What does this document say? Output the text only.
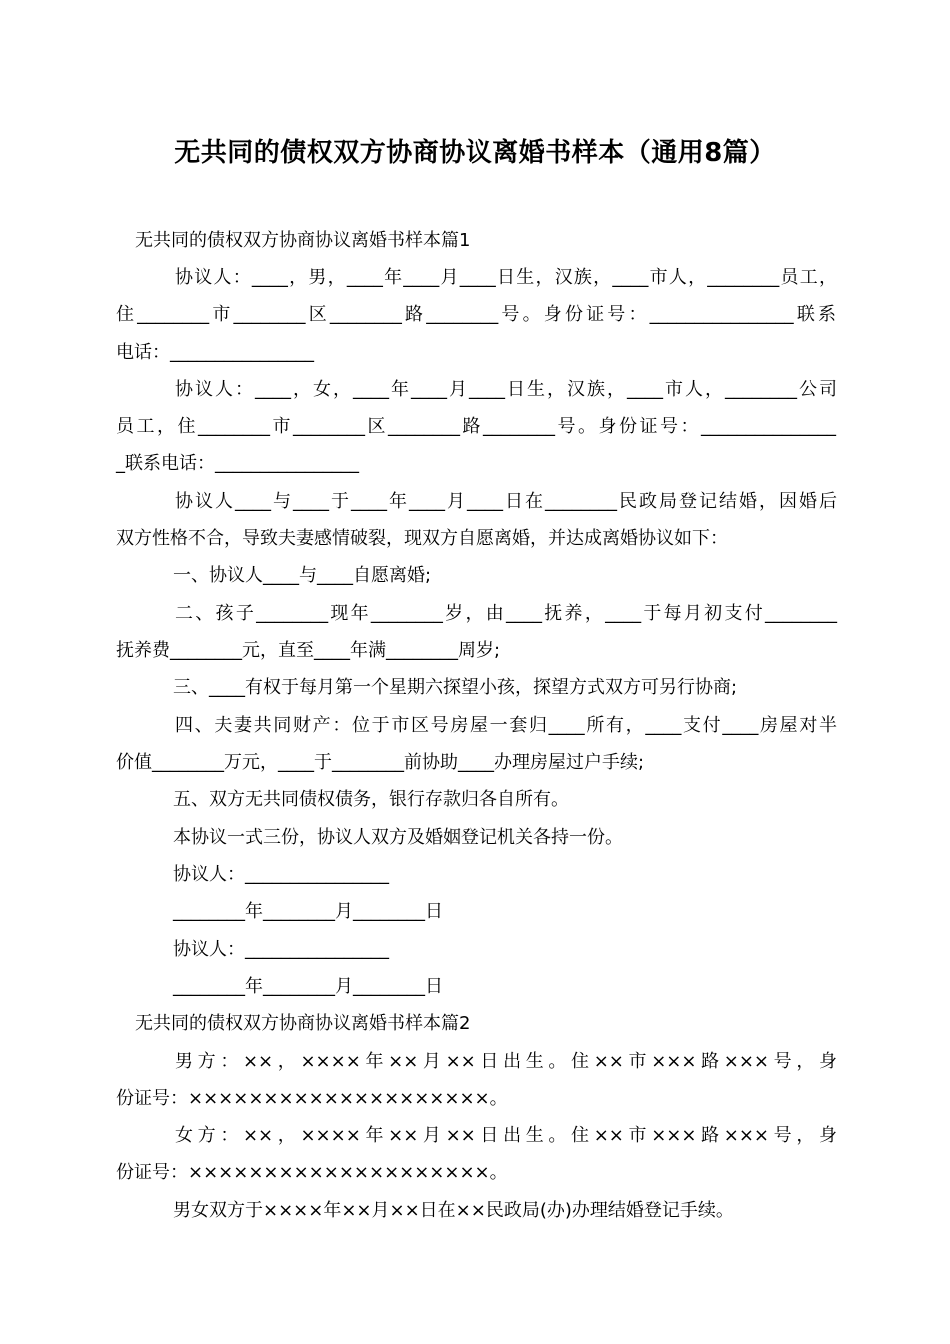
无共同的债权双方协商协议离婚书样本（通用8篇）
无共同的债权双方协商协议离婚书样本篇1
协议人：____，男，____年____月____日生，汉族，____市人，________员工，
住________市________区________路________号。身份证号：________________联系
电话：________________
协议人：____，女，____年____月____日生，汉族，____市人，________公司
员工，住________市________区________路________号。身份证号：_______________
_联系电话：________________
协议人____与____于____年____月____日在________民政局登记结婚，因婚后
双方性格不合，导致夫妻感情破裂，现双方自愿离婚，并达成离婚协议如下：
一、协议人____与____自愿离婚;
二、孩子________现年________岁，由____抚养，____于每月初支付________
抚养费________元，直至____年满________周岁;
三、____有权于每月第一个星期六探望小孩，探望方式双方可另行协商;
四、夫妻共同财产：位于市区号房屋一套归____所有，____支付____房屋对半
价值________万元，____于________前协助____办理房屋过户手续;
五、双方无共同债权债务，银行存款归各自所有。
本协议一式三份，协议人双方及婚姻登记机关各持一份。
协议人：________________
________年________月________日
协议人：________________
________年________月________日
无共同的债权双方协商协议离婚书样本篇2
男方：××，××××年××月××日出生。住××市×××路×××号，身
份证号：××××××××××××××××××××。
女方：××，××××年××月××日出生。住××市×××路×××号，身
份证号：××××××××××××××××××××。
男女双方于××××年××月××日在××民政局(办)办理结婚登记手续。
